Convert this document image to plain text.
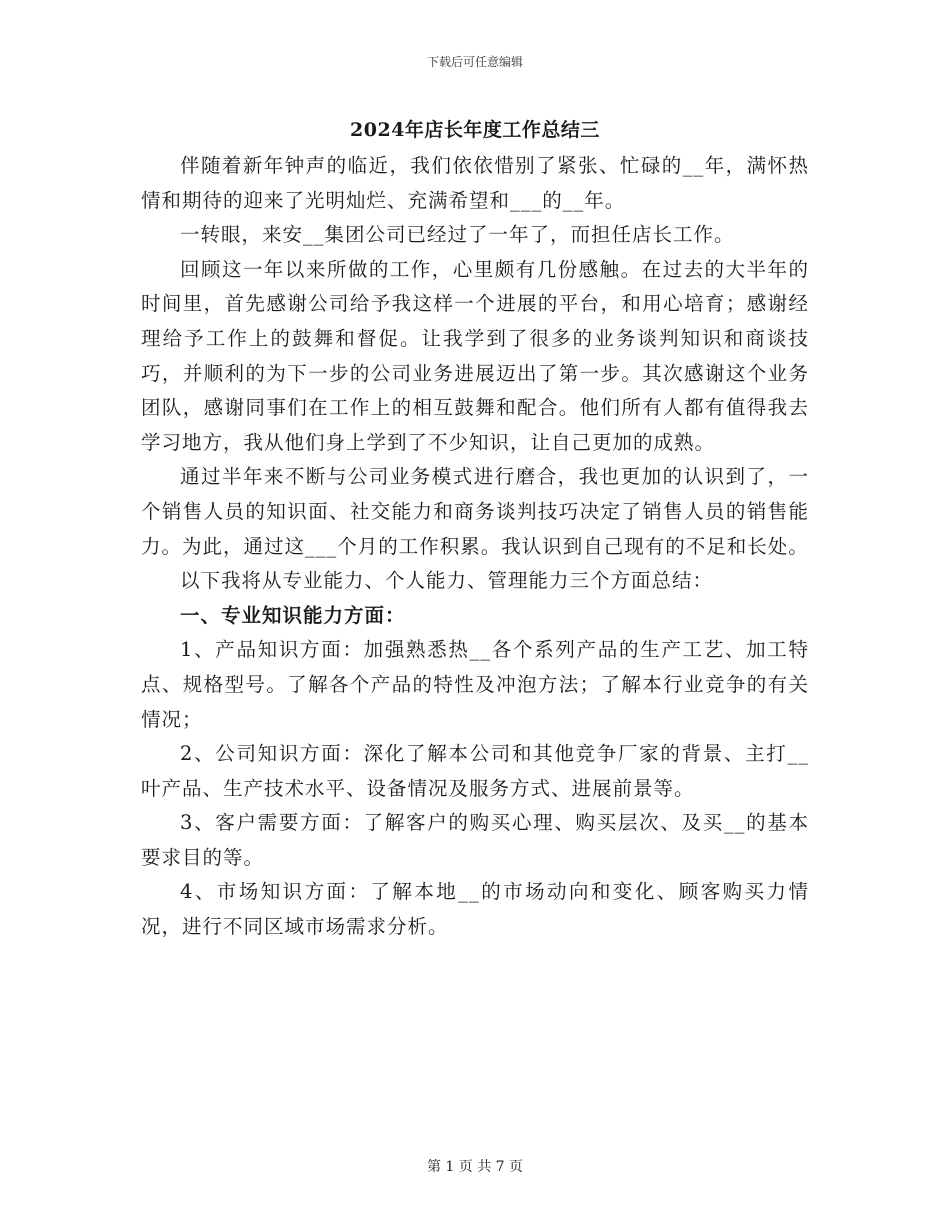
下载后可任意编辑
2024年店长年度工作总结三

伴随着新年钟声的临近，我们依依惜别了紧张、忙碌的__年，满怀热情和期待的迎来了光明灿烂、充满希望和___的__年。

一转眼，来安__集团公司已经过了一年了，而担任店长工作。

回顾这一年以来所做的工作，心里颇有几份感触。在过去的大半年的时间里，首先感谢公司给予我这样一个进展的平台，和用心培育；感谢经理给予工作上的鼓舞和督促。让我学到了很多的业务谈判知识和商谈技巧，并顺利的为下一步的公司业务进展迈出了第一步。其次感谢这个业务团队，感谢同事们在工作上的相互鼓舞和配合。他们所有人都有值得我去学习地方，我从他们身上学到了不少知识，让自己更加的成熟。

通过半年来不断与公司业务模式进行磨合，我也更加的认识到了，一个销售人员的知识面、社交能力和商务谈判技巧决定了销售人员的销售能力。为此，通过这___个月的工作积累。我认识到自己现有的不足和长处。

以下我将从专业能力、个人能力、管理能力三个方面总结：

一、专业知识能力方面：

1、产品知识方面：加强熟悉热__各个系列产品的生产工艺、加工特点、规格型号。了解各个产品的特性及冲泡方法；了解本行业竞争的有关情况；

2、公司知识方面：深化了解本公司和其他竞争厂家的背景、主打__叶产品、生产技术水平、设备情况及服务方式、进展前景等。

3、客户需要方面：了解客户的购买心理、购买层次、及买__的基本要求目的等。

4、市场知识方面：了解本地__的市场动向和变化、顾客购买力情况，进行不同区域市场需求分析。

第 1 页 共 7 页
